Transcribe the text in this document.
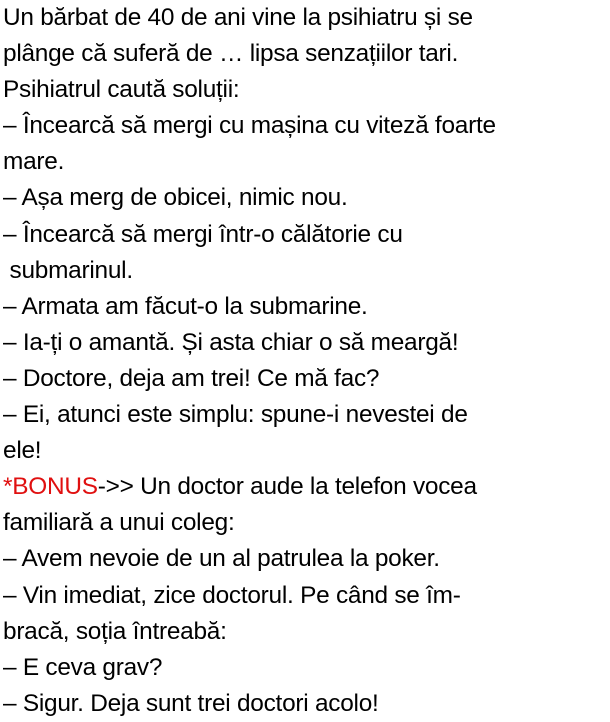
Un bărbat de 40 de ani vine la psihiatru și se
plânge că suferă de … lipsa senzațiilor tari.
Psihiatrul caută soluții:
– Încearcă să mergi cu mașina cu viteză foarte
mare.
– Așa merg de obicei, nimic nou.
– Încearcă să mergi într-o călătorie cu
submarinul.
– Armata am făcut-o la submarine.
– Ia-ți o amantă. Și asta chiar o să meargă!
– Doctore, deja am trei! Ce mă fac?
– Ei, atunci este simplu: spune-i nevestei de
ele!
*BONUS->> Un doctor aude la telefon vocea
familiară a unui coleg:
– Avem nevoie de un al patrulea la poker.
– Vin imediat, zice doctorul. Pe când se îm-
bracă, soția întreabă:
– E ceva grav?
– Sigur. Deja sunt trei doctori acolo!
